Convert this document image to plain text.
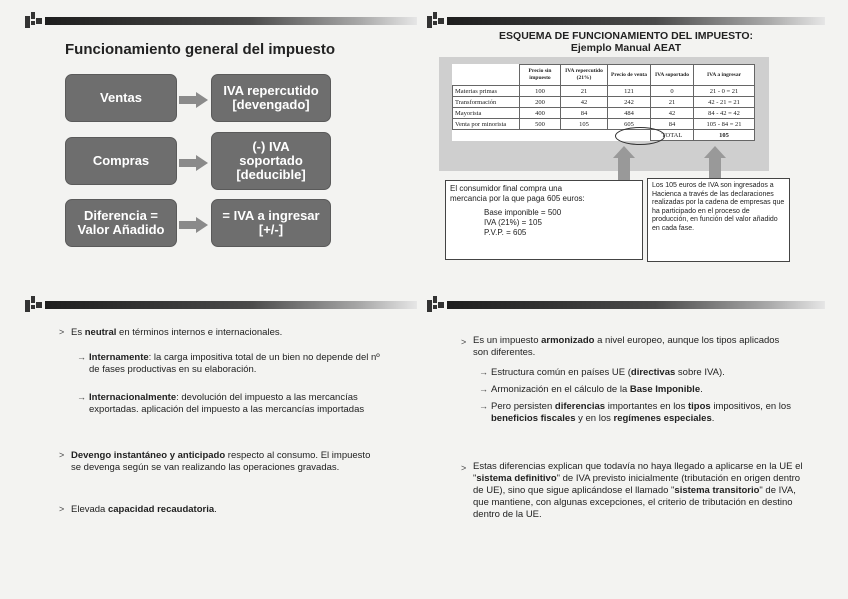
Funcionamiento general del impuesto
Ventas
Compras
Diferencia = Valor Añadido
IVA repercutido [devengado]
(-) IVA soportado [deducible]
= IVA a ingresar [+/-]
ESQUEMA DE FUNCIONAMIENTO DEL IMPUESTO:
Ejemplo Manual AEAT
	Precio sin impuesto	IVA repercutido (21%)	Precio de venta	IVA soportado	IVA a ingresar
Materias primas	100	21	121	0	21 - 0 = 21
Transformación	200	42	242	21	42 - 21 = 21
Mayorista	400	84	484	42	84 - 42 = 42
Venta por minorista	500	105	605	84	105 - 84 = 21
				TOTAL	105
El consumidor final compra una
mercancia por la que paga 605 euros:
Base imponible = 500
IVA (21%) = 105
P.V.P. = 605
Los 105 euros de IVA son ingresados a Hacienca a través de las declaraciones realizadas por la cadena de empresas que ha participado en el proceso de producción, en función del valor añadido en cada fase.
> Es neutral en términos internos e internacionales.
→ Internamente: la carga impositiva total de un bien no depende del nº de fases productivas en su elaboración.
→ Internacionalmente: devolución del impuesto a las mercancías exportadas. aplicación del impuesto a las mercancías importadas
> Devengo instantáneo y anticipado respecto al consumo. El impuesto se devenga según se van realizando las operaciones gravadas.
> Elevada capacidad recaudatoria.
> Es un impuesto armonizado a nivel europeo, aunque los tipos aplicados son diferentes.
→ Estructura común en países UE (directivas sobre IVA).
→ Armonización en el cálculo de la Base Imponible.
→ Pero persisten diferencias importantes en los tipos impositivos, en los beneficios fiscales y en los regímenes especiales.
> Estas diferencias explican que todavía no haya llegado a aplicarse en la UE el "sistema definitivo" de IVA previsto inicialmente (tributación en origen dentro de UE), sino que sigue aplicándose el llamado "sistema transitorio" de IVA, que mantiene, con algunas excepciones, el criterio de tributación en destino dentro de la UE.
